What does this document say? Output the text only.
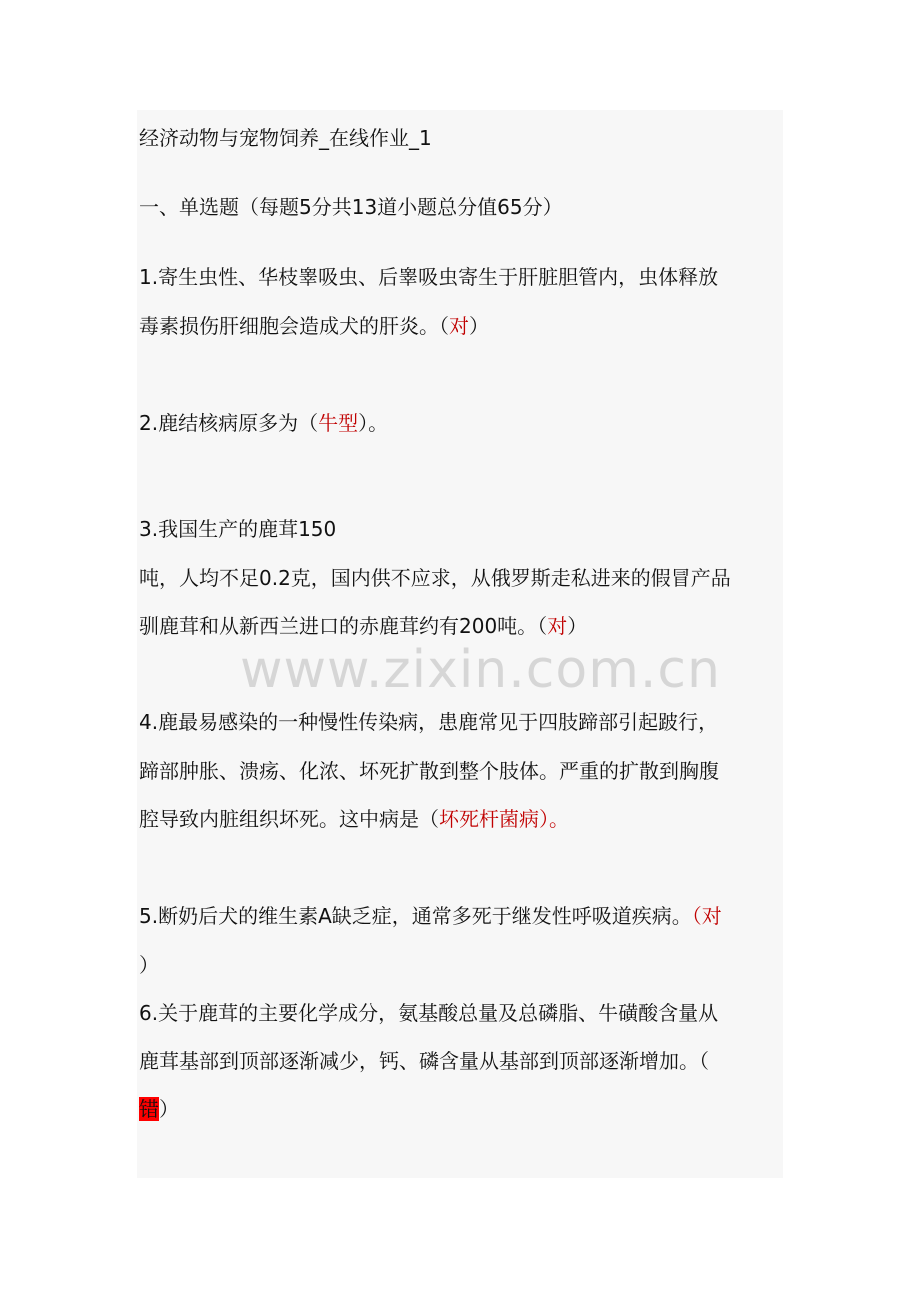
www.zixin.com.cn
经济动物与宠物饲养_在线作业_1
一、单选题（每题5分共13道小题总分值65分）
1.寄生虫性、华枝睾吸虫、后睾吸虫寄生于肝脏胆管内，虫体释放
毒素损伤肝细胞会造成犬的肝炎。（对）
2.鹿结核病原多为（牛型）。
3.我国生产的鹿茸150
吨，人均不足0.2克，国内供不应求，从俄罗斯走私进来的假冒产品
驯鹿茸和从新西兰进口的赤鹿茸约有200吨。（对）
4.鹿最易感染的一种慢性传染病，患鹿常见于四肢蹄部引起跛行，
蹄部肿胀、溃疡、化浓、坏死扩散到整个肢体。严重的扩散到胸腹
腔导致内脏组织坏死。这中病是（坏死杆菌病）。
5.断奶后犬的维生素A缺乏症，通常多死于继发性呼吸道疾病。（对
）
6.关于鹿茸的主要化学成分，氨基酸总量及总磷脂、牛磺酸含量从
鹿茸基部到顶部逐渐减少，钙、磷含量从基部到顶部逐渐增加。（
错）
